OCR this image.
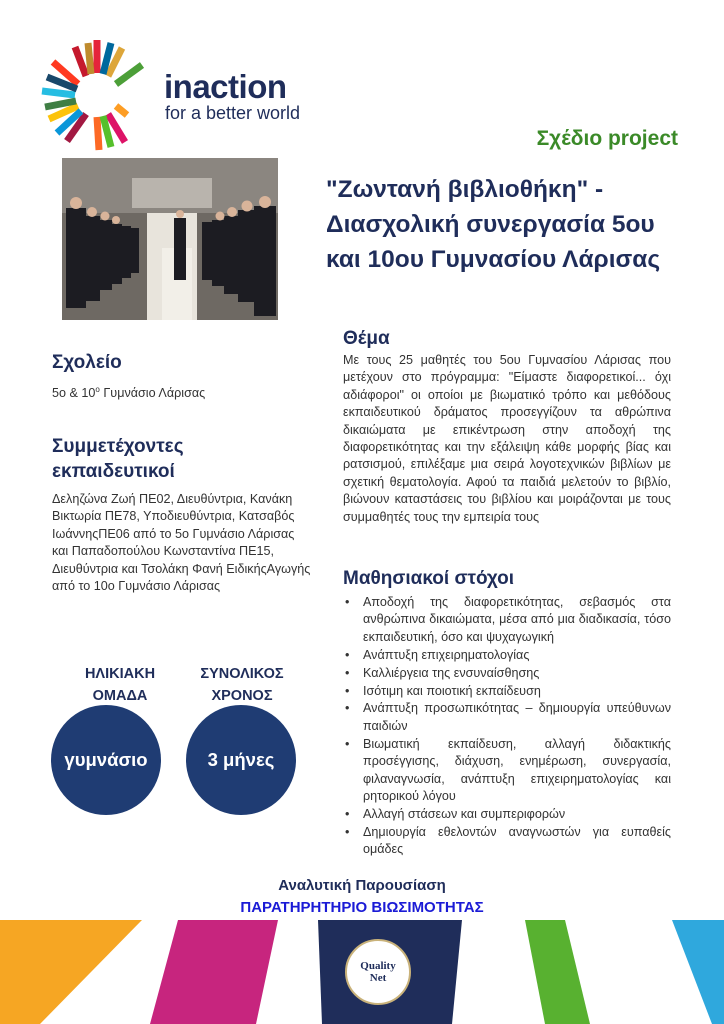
inaction
for a better world
Σχέδιο project
"Ζωντανή βιβλιοθήκη" - Διασχολική συνεργασία 5ου και 10ου Γυμνασίου Λάρισας
Σχολείο
5ο & $10^o$ Γυμνάσιο Λάρισας
Συμμετέχοντες εκπαιδευτικοί
Δεληζώνα Ζωή ΠΕ02, Διευθύντρια, Κανάκη Βικτωρία ΠΕ78, Υποδιευθύντρια, Κατσαβός ΙωάννηςΠΕ06 από το 5ο Γυμνάσιο Λάρισας και Παπαδοπούλου Κωνσταντίνα ΠΕ15, Διευθύντρια και Τσολάκη Φανή ΕιδικήςΑγωγής από το 10ο Γυμνάσιο Λάρισας
Θέμα
Με τους 25 μαθητές του 5ου Γυμνασίου Λάρισας που μετέχουν στο πρόγραμμα: "Είμαστε διαφορετικοί... όχι αδιάφοροι" οι οποίοι με βιωματικό τρόπο και μεθόδους εκπαιδευτικού δράματος προσεγγίζουν τα αθρώπινα δικαιώματα με επικέντρωση στην αποδοχή της διαφορετικότητας και την εξάλειψη κάθε μορφής βίας και ρατσισμού, επιλέξαμε μια σειρά λογοτεχνικών βιβλίων με σχετική θεματολογία. Αφού τα παιδιά μελετούν το βιβλίο, βιώνουν καταστάσεις του βιβλίου και μοιράζονται με τους συμμαθητές τους την εμπειρία τους
Μαθησιακοί στόχοι
• Αποδοχή της διαφορετικότητας, σεβασμός στα ανθρώπινα δικαιώματα, μέσα από μια διαδικασία, τόσο εκπαιδευτική, όσο και ψυχαγωγική
• Ανάπτυξη επιχειρηματολογίας
• Καλλιέργεια της ενσυναίσθησης
• Ισότιμη και ποιοτική εκπαίδευση
• Ανάπτυξη προσωπικότητας – δημιουργία υπεύθυνων παιδιών
• Βιωματική εκπαίδευση, αλλαγή διδακτικής προσέγγισης, διάχυση, ενημέρωση, συνεργασία, φιλαναγνωσία, ανάπτυξη επιχειρηματολογίας και ρητορικού λόγου
• Αλλαγή στάσεων και συμπεριφορών
• Δημιουργία εθελοντών αναγνωστών για ευπαθείς ομάδες
ΗΛΙΚΙΑΚΗ
ΟΜΑΔΑ
ΣΥΝΟΛΙΚΟΣ
ΧΡΟΝΟΣ
γυμνάσιο	3 μήνες
Αναλυτική Παρουσίαση
ΠΑΡΑΤΗΡΗΤΗΡΙΟ ΒΙΩΣΙΜΟΤΗΤΑΣ
Quality Net
